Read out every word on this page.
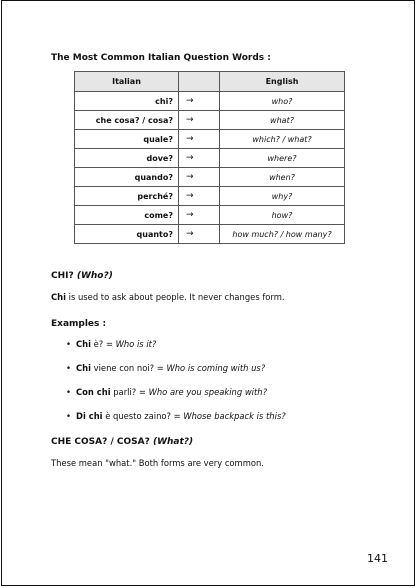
The Most Common Italian Question Words :
Italian		English
chi?	→	who?
che cosa? / cosa?	→	what?
quale?	→	which? / what?
dove?	→	where?
quando?	→	when?
perché?	→	why?
come?	→	how?
quanto?	→	how much? / how many?
CHI? (Who?)
Chi is used to ask about people. It never changes form.
Examples :
• Chi è? = Who is it?
• Chi viene con noi? = Who is coming with us?
• Con chi parli? = Who are you speaking with?
• Di chi è questo zaino? = Whose backpack is this?
CHE COSA? / COSA? (What?)
These mean "what." Both forms are very common.
141
